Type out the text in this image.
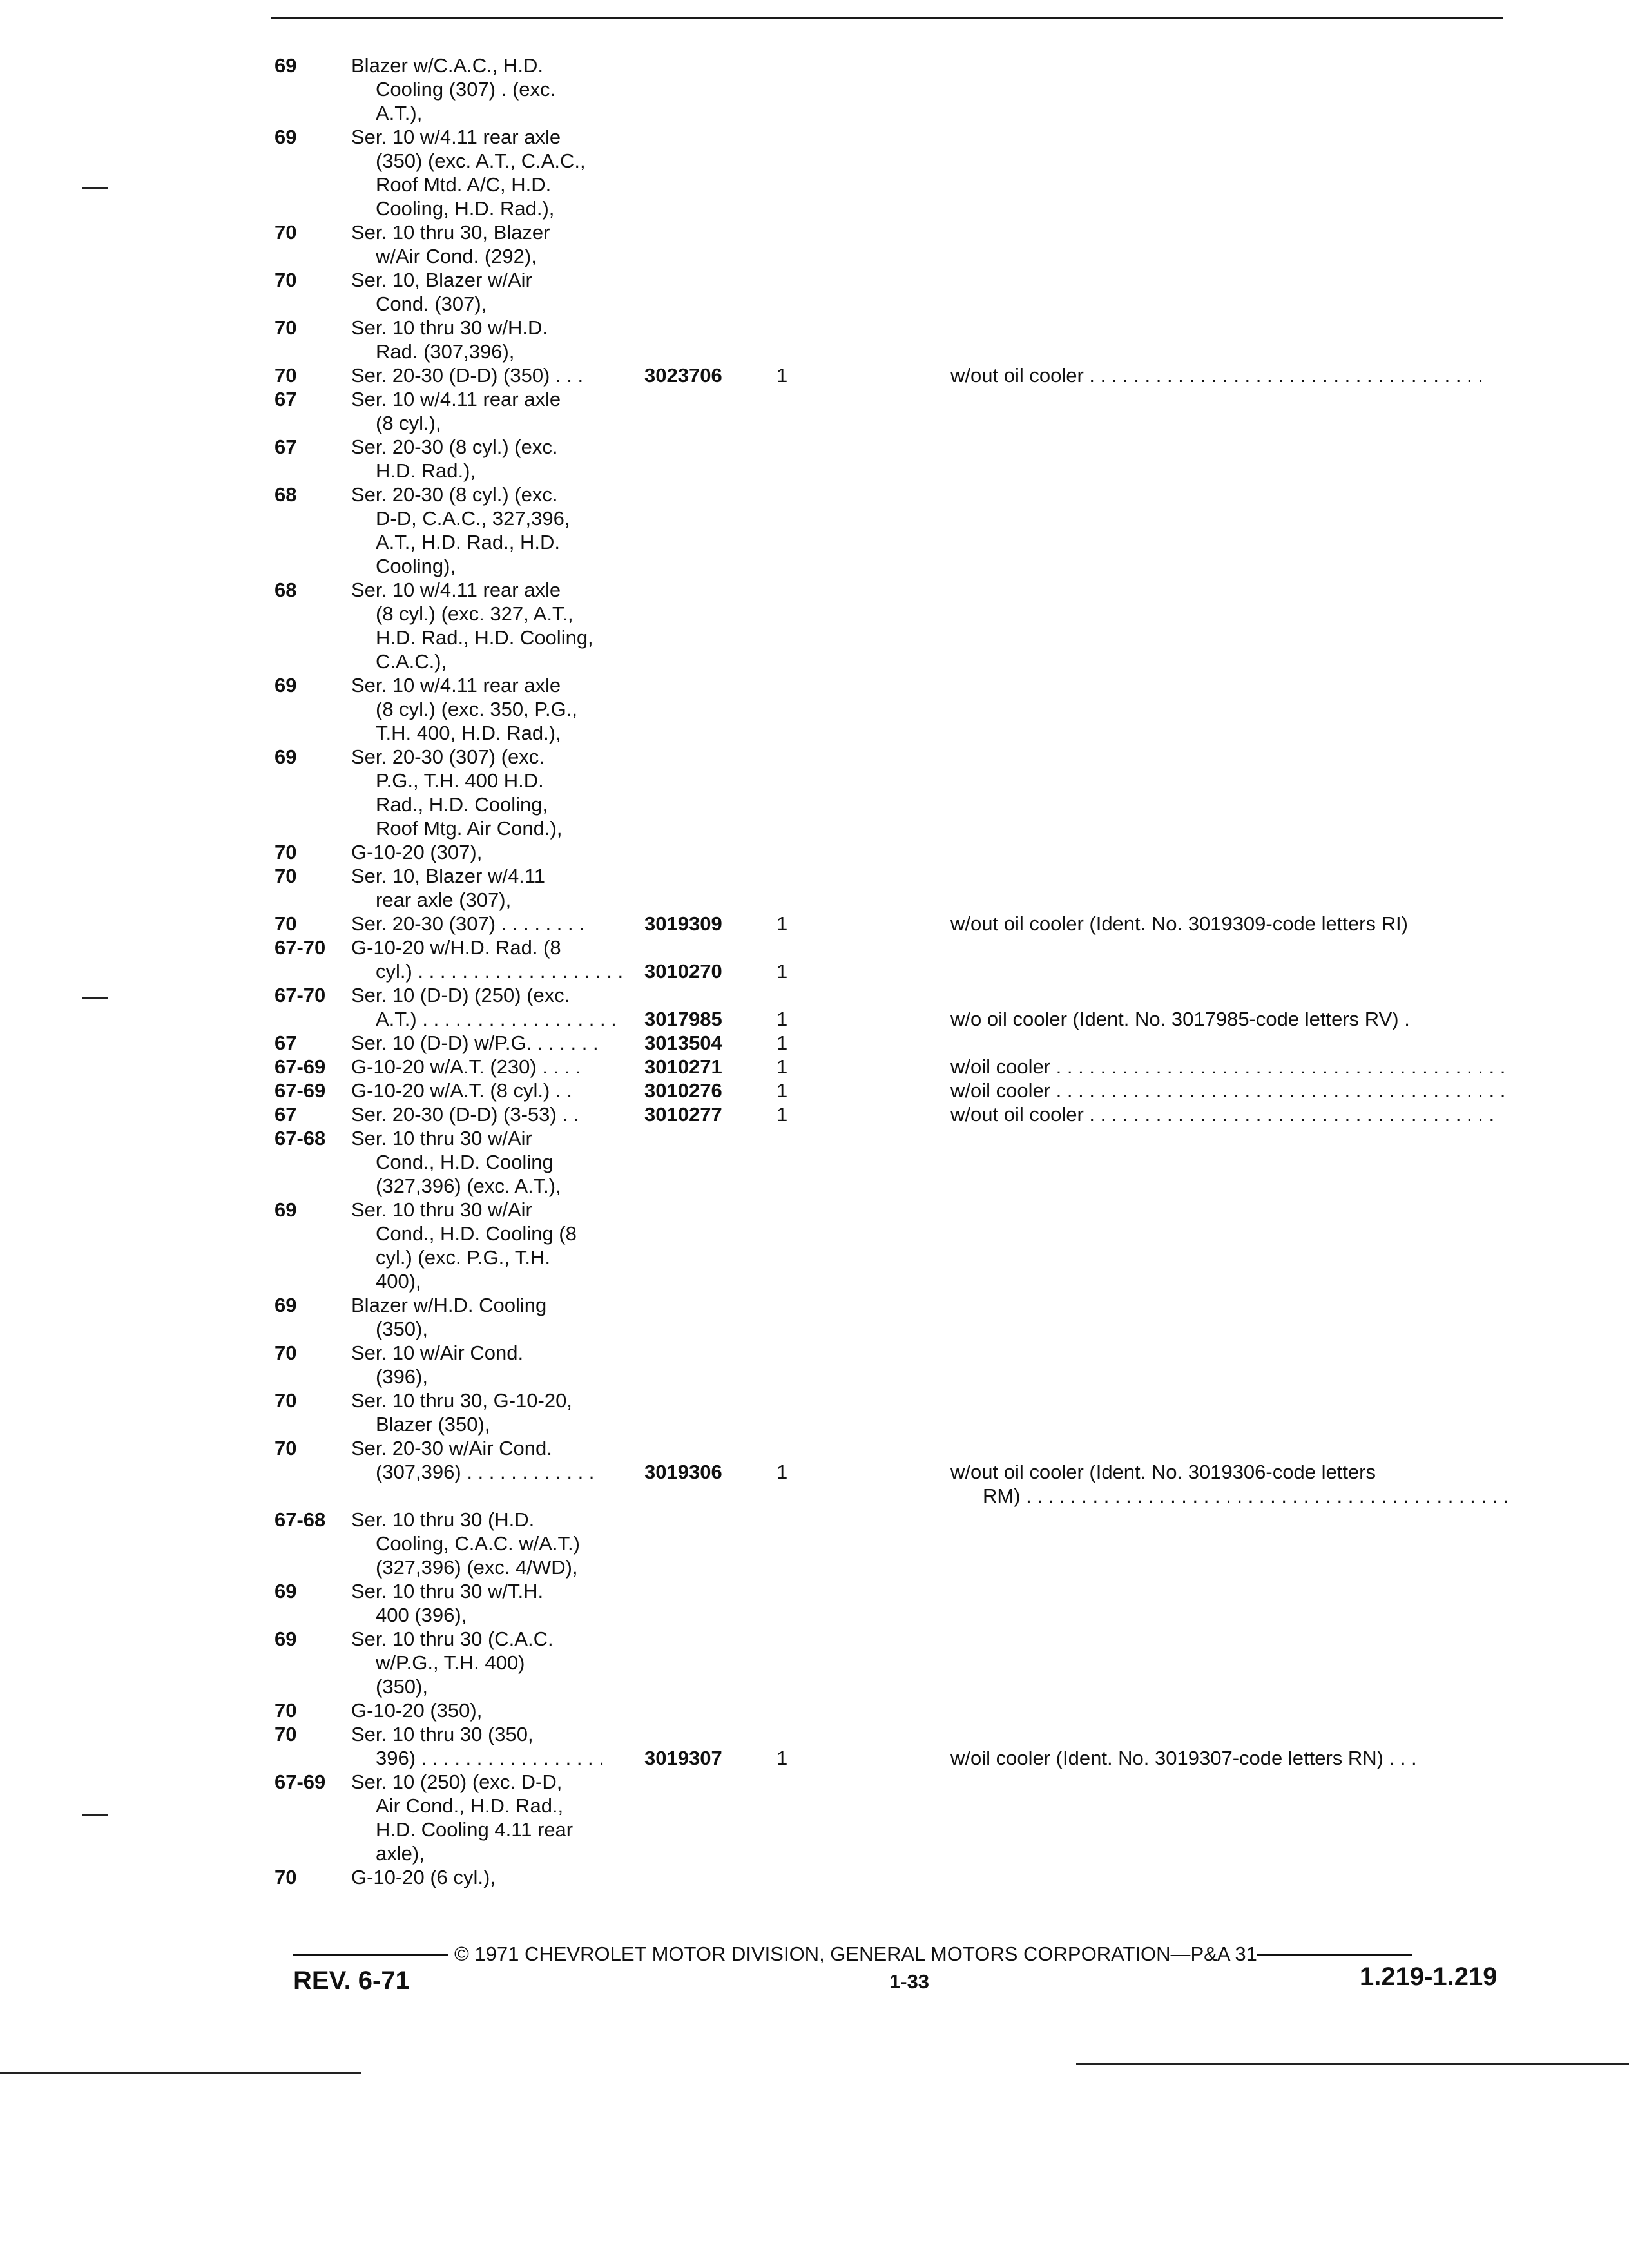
69	Blazer w/C.A.C., H.D.
Cooling (307) . (exc.
A.T.),
69	Ser. 10 w/4.11 rear axle
(350) (exc. A.T., C.A.C.,
Roof Mtd. A/C, H.D.
Cooling, H.D. Rad.),
70	Ser. 10 thru 30, Blazer
w/Air Cond. (292),
70	Ser. 10, Blazer w/Air
Cond. (307),
70	Ser. 10 thru 30 w/H.D.
Rad. (307,396),
70	Ser. 20-30 (D-D) (350) . . .	3023706	1	w/out oil cooler . . . . . . . . . . . . . . . . . . . . . . . . . . . . . . . . . . . .
67	Ser. 10 w/4.11 rear axle
(8 cyl.),
67	Ser. 20-30 (8 cyl.) (exc.
H.D. Rad.),
68	Ser. 20-30 (8 cyl.) (exc.
D-D, C.A.C., 327,396,
A.T., H.D. Rad., H.D.
Cooling),
68	Ser. 10 w/4.11 rear axle
(8 cyl.) (exc. 327, A.T.,
H.D. Rad., H.D. Cooling,
C.A.C.),
69	Ser. 10 w/4.11 rear axle
(8 cyl.) (exc. 350, P.G.,
T.H. 400, H.D. Rad.),
69	Ser. 20-30 (307) (exc.
P.G., T.H. 400 H.D.
Rad., H.D. Cooling,
Roof Mtg. Air Cond.),
70	G-10-20 (307),
70	Ser. 10, Blazer w/4.11
rear axle (307),
70	Ser. 20-30 (307) . . . . . . . .	3019309	1	w/out oil cooler (Ident. No. 3019309-code letters RI)
67-70 G-10-20 w/H.D. Rad. (8
cyl.) . . . . . . . . . . . . . . . . . . . 3010270	1
67-70 Ser. 10 (D-D) (250) (exc.
A.T.) . . . . . . . . . . . . . . . . . . 3017985	1	w/o oil cooler (Ident. No. 3017985-code letters RV) .
67	Ser. 10 (D-D) w/P.G. . . . . . . 3013504	1
67-69 G-10-20 w/A.T. (230) . . . .	3010271	1	w/oil cooler . . . . . . . . . . . . . . . . . . . . . . . . . . . . . . . . . . . . . . . . .
67-69 G-10-20 w/A.T. (8 cyl.) . .	3010276	1	w/oil cooler . . . . . . . . . . . . . . . . . . . . . . . . . . . . . . . . . . . . . . . . .
67	Ser. 20-30 (D-D) (3-53) . .	3010277	1	w/out oil cooler . . . . . . . . . . . . . . . . . . . . . . . . . . . . . . . . . . . . .
67-68 Ser. 10 thru 30 w/Air
Cond., H.D. Cooling
(327,396) (exc. A.T.),
69	Ser. 10 thru 30 w/Air
Cond., H.D. Cooling (8
cyl.) (exc. P.G., T.H.
400),
69	Blazer w/H.D. Cooling
(350),
70	Ser. 10 w/Air Cond.
(396),
70	Ser. 10 thru 30, G-10-20,
Blazer (350),
70	Ser. 20-30 w/Air Cond.
(307,396) . . . . . . . . . . . .	3019306	1	w/out oil cooler (Ident. No. 3019306-code letters
RM) . . . . . . . . . . . . . . . . . . . . . . . . . . . . . . . . . . . . . . . . . . . .
67-68 Ser. 10 thru 30 (H.D.
Cooling, C.A.C. w/A.T.)
(327,396) (exc. 4/WD),
69	Ser. 10 thru 30 w/T.H.
400 (396),
69	Ser. 10 thru 30 (C.A.C.
w/P.G., T.H. 400)
(350),
70	G-10-20 (350),
70	Ser. 10 thru 30 (350,
396) . . . . . . . . . . . . . . . . . 3019307	1	w/oil cooler (Ident. No. 3019307-code letters RN) . . .
67-69 Ser. 10 (250) (exc. D-D,
Air Cond., H.D. Rad.,
H.D. Cooling 4.11 rear
axle),
70	G-10-20 (6 cyl.),
© 1971 CHEVROLET MOTOR DIVISION, GENERAL MOTORS CORPORATION—P&A 31
REV. 6-71	1-33	1.219-1.219
